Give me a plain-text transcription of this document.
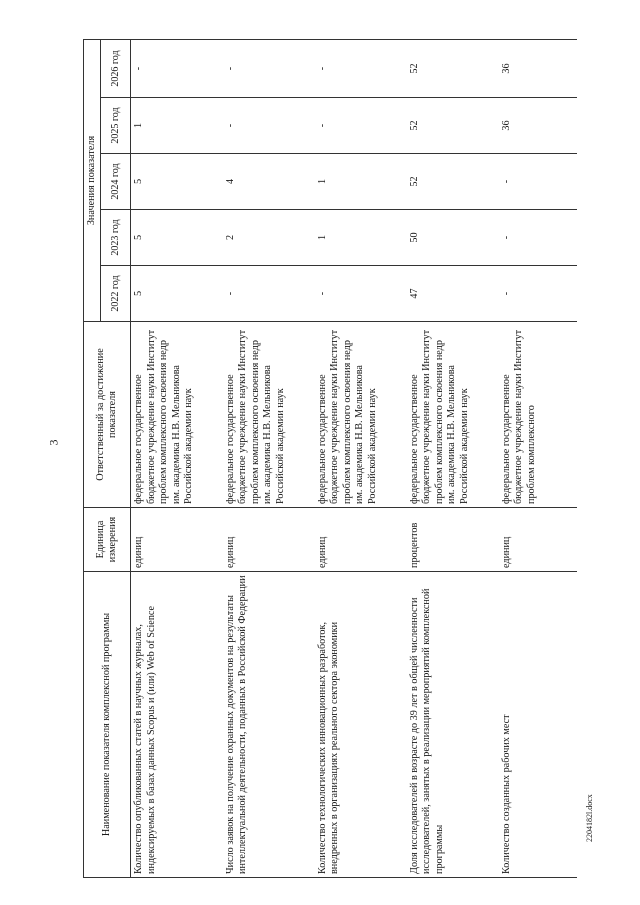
3
Наименование показателя комплексной программы	Единица измерения	Ответственный за достижение показателя	Значения показателя				
			2022 год	2023 год	2024 год	2025 год	2026 год
Количество опубликованных статей в научных журналах, индексируемых в базах данных Scopus и (или) Web of Science	единиц	федеральное государственное бюджетное учреждение науки Институт проблем комплексного освоения недр им. академика Н.В. Мельникова Российской академии наук	5	5	5	1	-
Число заявок на получение охранных документов на результаты интеллектуальной деятельности, поданных в Российской Федерации	единиц	федеральное государственное бюджетное учреждение науки Институт проблем комплексного освоения недр им. академика Н.В. Мельникова Российской академии наук	-	2	4	-	-
Количество технологических инновационных разработок, внедренных в организациях реального сектора экономики	единиц	федеральное государственное бюджетное учреждение науки Институт проблем комплексного освоения недр им. академика Н.В. Мельникова Российской академии наук	-	1	1	-	-
Доля исследователей в возрасте до 39 лет в общей численности исследователей, занятых в реализации мероприятий комплексной программы	процентов	федеральное государственное бюджетное учреждение науки Институт проблем комплексного освоения недр им. академика Н.В. Мельникова Российской академии наук	47	50	52	52	52
Количество созданных рабочих мест	единиц	федеральное государственное бюджетное учреждение науки Институт проблем комплексного	-	-	-	36	36
2204182l.docx
